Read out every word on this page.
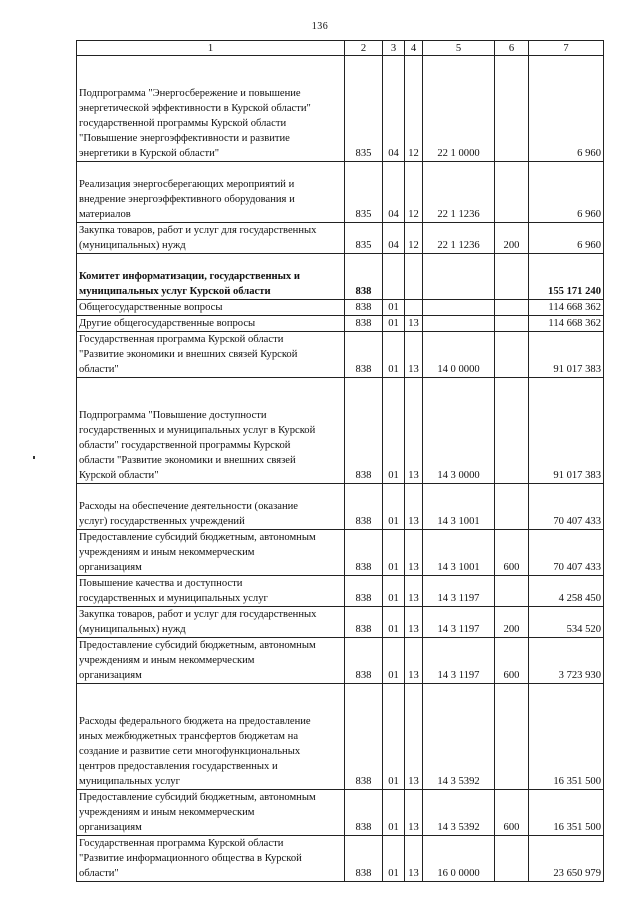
136
1	2	3	4	5	6	7

Подпрограмма "Энергосбережение и повышение
энергетической эффективности в Курской области"
государственной программы Курской области
"Повышение энергоэффективности и развитие
энергетики в Курской области"	835	04	12	22 1 0000		6 960

Реализация энергосберегающих мероприятий и
внедрение энергоэффективного оборудования и
материалов	835	04	12	22 1 1236		6 960

Закупка товаров, работ и услуг для государственных
(муниципальных) нужд	835	04	12	22 1 1236	200	6 960

Комитет информатизации, государственных и
муниципальных услуг Курской области	838					155 171 240

Общегосударственные вопросы	838	01				114 668 362

Другие общегосударственные вопросы	838	01	13			114 668 362

Государственная программа Курской области
"Развитие экономики и внешних связей Курской
области"	838	01	13	14 0 0000		91 017 383

Подпрограмма "Повышение доступности
государственных и муниципальных услуг в Курской
области" государственной программы Курской
области "Развитие экономики и внешних связей
Курской области"	838	01	13	14 3 0000		91 017 383

Расходы на обеспечение деятельности (оказание
услуг) государственных учреждений	838	01	13	14 3 1001		70 407 433

Предоставление субсидий бюджетным, автономным
учреждениям и иным некоммерческим
организациям	838	01	13	14 3 1001	600	70 407 433

Повышение качества и доступности
государственных и муниципальных услуг	838	01	13	14 3 1197		4 258 450

Закупка товаров, работ и услуг для государственных
(муниципальных) нужд	838	01	13	14 3 1197	200	534 520

Предоставление субсидий бюджетным, автономным
учреждениям и иным некоммерческим
организациям	838	01	13	14 3 1197	600	3 723 930

Расходы федерального бюджета на предоставление
иных межбюджетных трансфертов бюджетам на
создание и развитие сети многофункциональных
центров предоставления государственных и
муниципальных услуг	838	01	13	14 3 5392		16 351 500

Предоставление субсидий бюджетным, автономным
учреждениям и иным некоммерческим
организациям	838	01	13	14 3 5392	600	16 351 500

Государственная программа Курской области
"Развитие информационного общества в Курской
области"	838	01	13	16 0 0000		23 650 979
